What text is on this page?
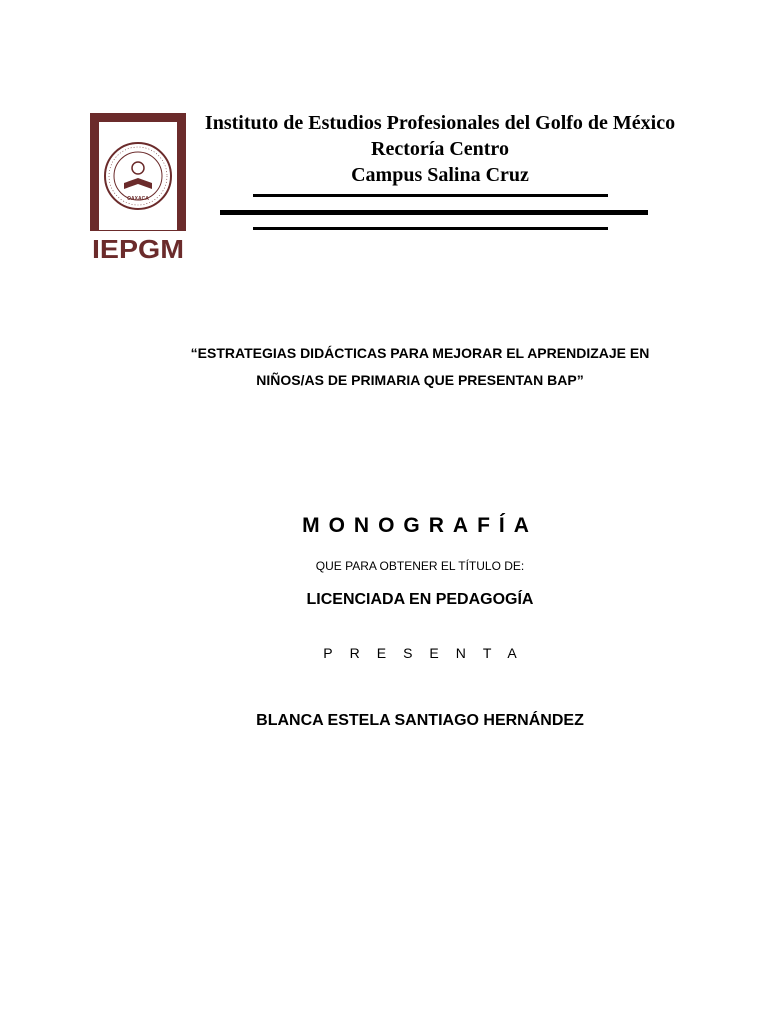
OAXACA
IEPGM
Instituto de Estudios Profesionales del Golfo de México
Rectoría Centro
Campus Salina Cruz
“ESTRATEGIAS DIDÁCTICAS PARA MEJORAR EL APRENDIZAJE EN
NIÑOS/AS DE PRIMARIA QUE PRESENTAN BAP”
MONOGRAFÍA
QUE PARA OBTENER EL TÍTULO DE:
LICENCIADA EN PEDAGOGÍA
PRESENTA
BLANCA ESTELA SANTIAGO HERNÁNDEZ
